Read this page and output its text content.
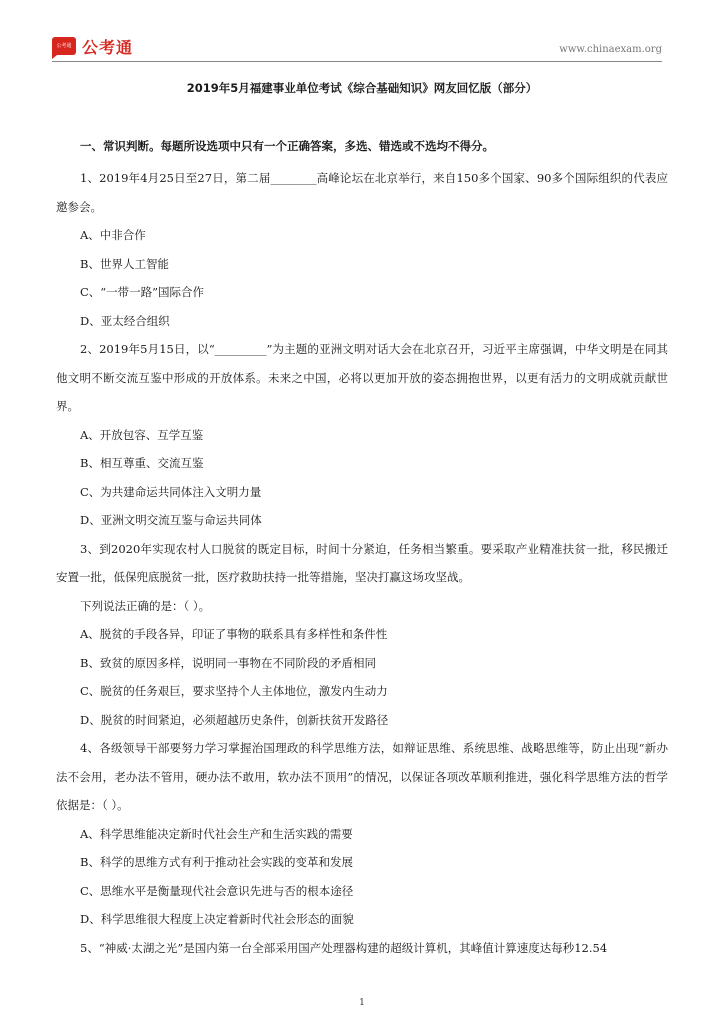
公考通 公考通	www.chinaexam.org
2019年5月福建事业单位考试《综合基础知识》网友回忆版（部分）
一、常识判断。每题所设选项中只有一个正确答案，多选、错选或不选均不得分。

1、2019年4月25日至27日，第二届________高峰论坛在北京举行，来自150多个国家、90多个国际组织的代表应邀参会。

A、中非合作

B、世界人工智能

C、“一带一路”国际合作

D、亚太经合组织

2、2019年5月15日，以“_________”为主题的亚洲文明对话大会在北京召开，习近平主席强调，中华文明是在同其他文明不断交流互鉴中形成的开放体系。未来之中国，必将以更加开放的姿态拥抱世界，以更有活力的文明成就贡献世界。

A、开放包容、互学互鉴

B、相互尊重、交流互鉴

C、为共建命运共同体注入文明力量

D、亚洲文明交流互鉴与命运共同体

3、到2020年实现农村人口脱贫的既定目标，时间十分紧迫，任务相当繁重。要采取产业精准扶贫一批，移民搬迁安置一批，低保兜底脱贫一批，医疗救助扶持一批等措施，坚决打赢这场攻坚战。

下列说法正确的是：（ ）。

A、脱贫的手段各异，印证了事物的联系具有多样性和条件性

B、致贫的原因多样，说明同一事物在不同阶段的矛盾相同

C、脱贫的任务艰巨，要求坚持个人主体地位，激发内生动力

D、脱贫的时间紧迫，必须超越历史条件，创新扶贫开发路径

4、各级领导干部要努力学习掌握治国理政的科学思维方法，如辩证思维、系统思维、战略思维等，防止出现“新办法不会用，老办法不管用，硬办法不敢用，软办法不顶用”的情况，以保证各项改革顺利推进，强化科学思维方法的哲学依据是：（ ）。

A、科学思维能决定新时代社会生产和生活实践的需要

B、科学的思维方式有利于推动社会实践的变革和发展

C、思维水平是衡量现代社会意识先进与否的根本途径

D、科学思维很大程度上决定着新时代社会形态的面貌

5、“神威·太湖之光”是国内第一台全部采用国产处理器构建的超级计算机，其峰值计算速度达每秒12.54

1
